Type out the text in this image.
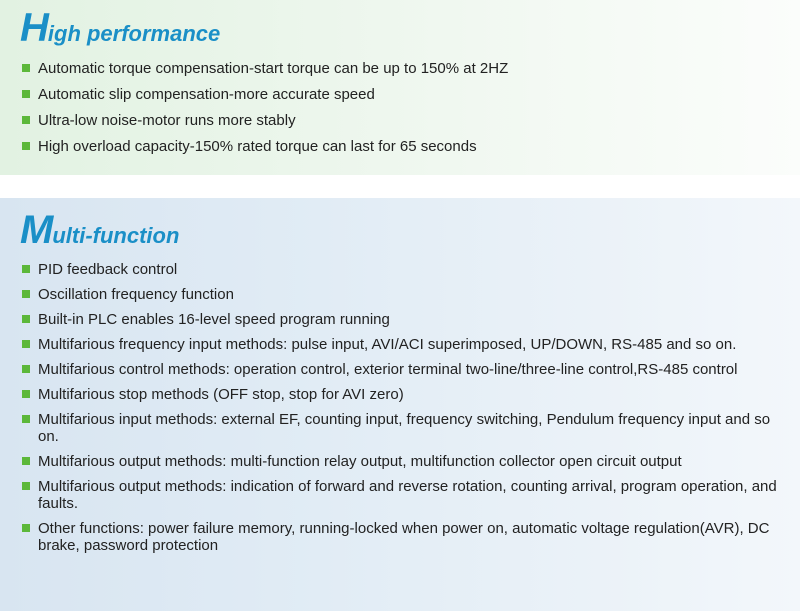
High performance
Automatic torque compensation-start torque can be up to 150% at 2HZ
Automatic slip compensation-more accurate speed
Ultra-low noise-motor runs more stably
High overload capacity-150% rated torque can last for 65 seconds
Multi-function
PID feedback control
Oscillation frequency function
Built-in PLC enables 16-level speed program running
Multifarious frequency input methods: pulse input, AVI/ACI superimposed, UP/DOWN, RS-485 and so on.
Multifarious control methods: operation control, exterior terminal two-line/three-line control,RS-485 control
Multifarious stop methods (OFF stop, stop for AVI zero)
Multifarious input methods: external EF, counting input, frequency switching, Pendulum frequency input and so on.
Multifarious output methods: multi-function relay output, multifunction collector open circuit output
Multifarious output methods: indication of forward and reverse rotation, counting arrival, program operation, and faults.
Other functions: power failure memory, running-locked when power on, automatic voltage regulation(AVR), DC brake, password protection
